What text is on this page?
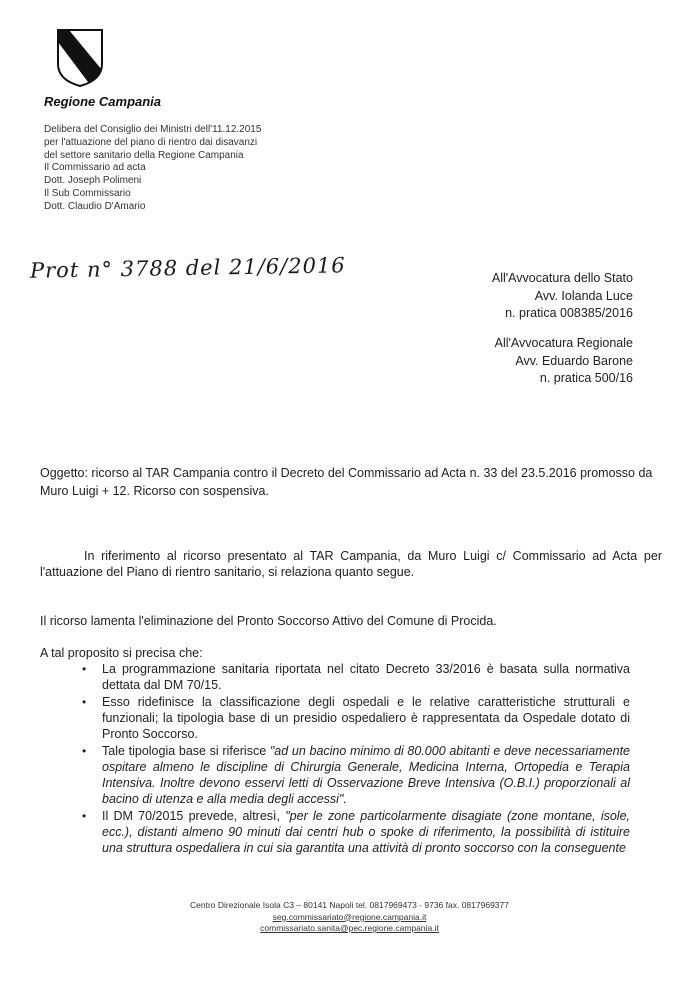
Regione Campania
Delibera del Consiglio dei Ministri dell'11.12.2015
per l'attuazione del piano di rientro dai disavanzi
del settore sanitario della Regione Campania
Il Commissario ad acta
Dott. Joseph Polimeni
Il Sub Commissario
Dott. Claudio D'Amario
Prot n° 3788 del 21/6/2016	All'Avvocatura dello Stato
Avv. Iolanda Luce
n. pratica 008385/2016
All'Avvocatura Regionale
Avv. Eduardo Barone
n. pratica 500/16
Oggetto: ricorso al TAR Campania contro il Decreto del Commissario ad Acta n. 33 del 23.5.2016 promosso da Muro Luigi + 12. Ricorso con sospensiva.
In riferimento al ricorso presentato al TAR Campania, da Muro Luigi c/ Commissario ad Acta per l'attuazione del Piano di rientro sanitario, si relaziona quanto segue.
Il ricorso lamenta l'eliminazione del Pronto Soccorso Attivo del Comune di Procida.
A tal proposito si precisa che:
• La programmazione sanitaria riportata nel citato Decreto 33/2016 è basata sulla normativa dettata dal DM 70/15.
• Esso ridefinisce la classificazione degli ospedali e le relative caratteristiche strutturali e funzionali; la tipologia base di un presidio ospedaliero è rappresentata da Ospedale dotato di Pronto Soccorso.
• Tale tipologia base si riferisce "ad un bacino minimo di 80.000 abitanti e deve necessariamente ospitare almeno le discipline di Chirurgia Generale, Medicina Interna, Ortopedia e Terapia Intensiva. Inoltre devono esservi letti di Osservazione Breve Intensiva (O.B.I.) proporzionali al bacino di utenza e alla media degli accessi".
• Il DM 70/2015 prevede, altresì, "per le zone particolarmente disagiate (zone montane, isole, ecc.), distanti almeno 90 minuti dai centri hub o spoke di riferimento, la possibilità di istituire una struttura ospedaliera in cui sia garantita una attività di pronto soccorso con la conseguente
Centro Direzionale Isola C3 – 80141 Napoli tel. 0817969473 - 9736 fax. 0817969377
seg.commissariato@regione.campania.it
commissariato.sanita@pec.regione.campania.it
